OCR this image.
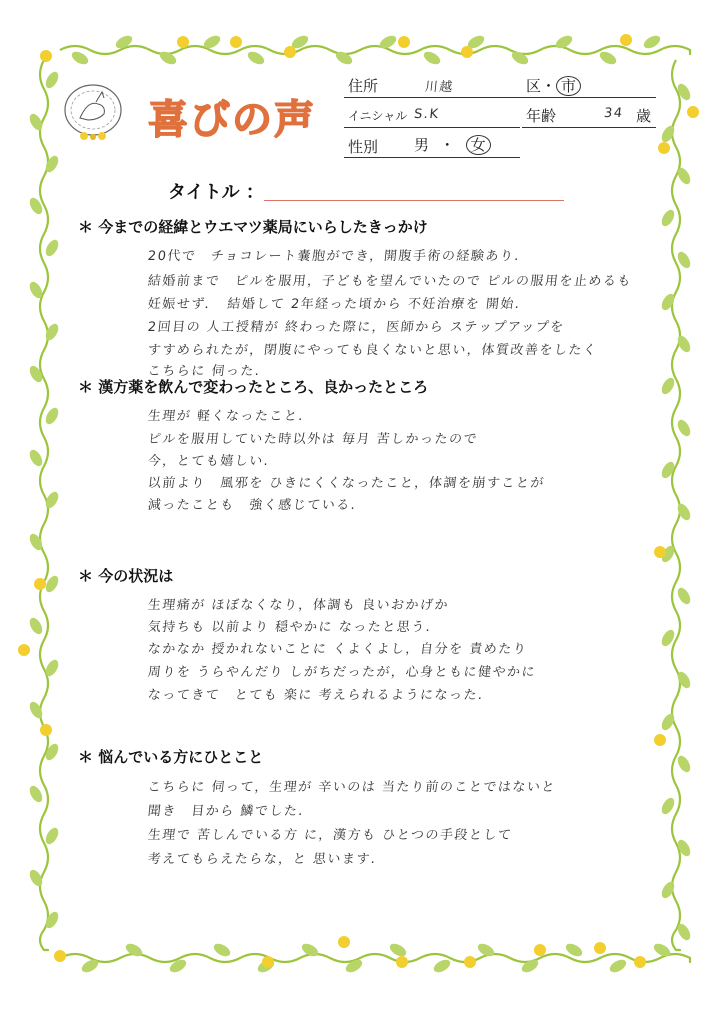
喜びの声
住所	川越	区・ 市
イニシャル S.K	年齢	34 歳
性別 男 ・ 女
タイトル ：
＊ 今までの経緯とウエマツ薬局にいらしたきっかけ
20代で　チョコレート嚢胞ができ，開腹手術の経験あり.
結婚前まで　ピルを服用，子どもを望んでいたので ピルの服用を止めるも
妊娠せず．　結婚して 2年経った頃から 不妊治療を 開始.
2回目の 人工授精が 終わった際に，医師から ステップアップを
すすめられたが，閉腹にやっても良くないと思い，体質改善をしたく
こちらに 伺った.
＊ 漢方薬を飲んで変わったところ、良かったところ
生理が 軽くなったこと.
ピルを服用していた時以外は 毎月 苦しかったので
今，とても嬉しい.
以前より　風邪を ひきにくくなったこと，体調を崩すことが
減ったことも　強く感じている.
＊ 今の状況は
生理痛が ほぼなくなり，体調も 良いおかげか
気持ちも 以前より 穏やかに なったと思う.
なかなか 授かれないことに くよくよし，自分を 責めたり
周りを うらやんだり しがちだったが，心身ともに健やかに
なってきて　とても 楽に 考えられるようになった.
＊ 悩んでいる方にひとこと
こちらに 伺って，生理が 辛いのは 当たり前のことではないと
聞き　目から 鱗でした.
生理で 苦しんでいる方 に，漢方も ひとつの手段として
考えてもらえたらな，と 思います.
